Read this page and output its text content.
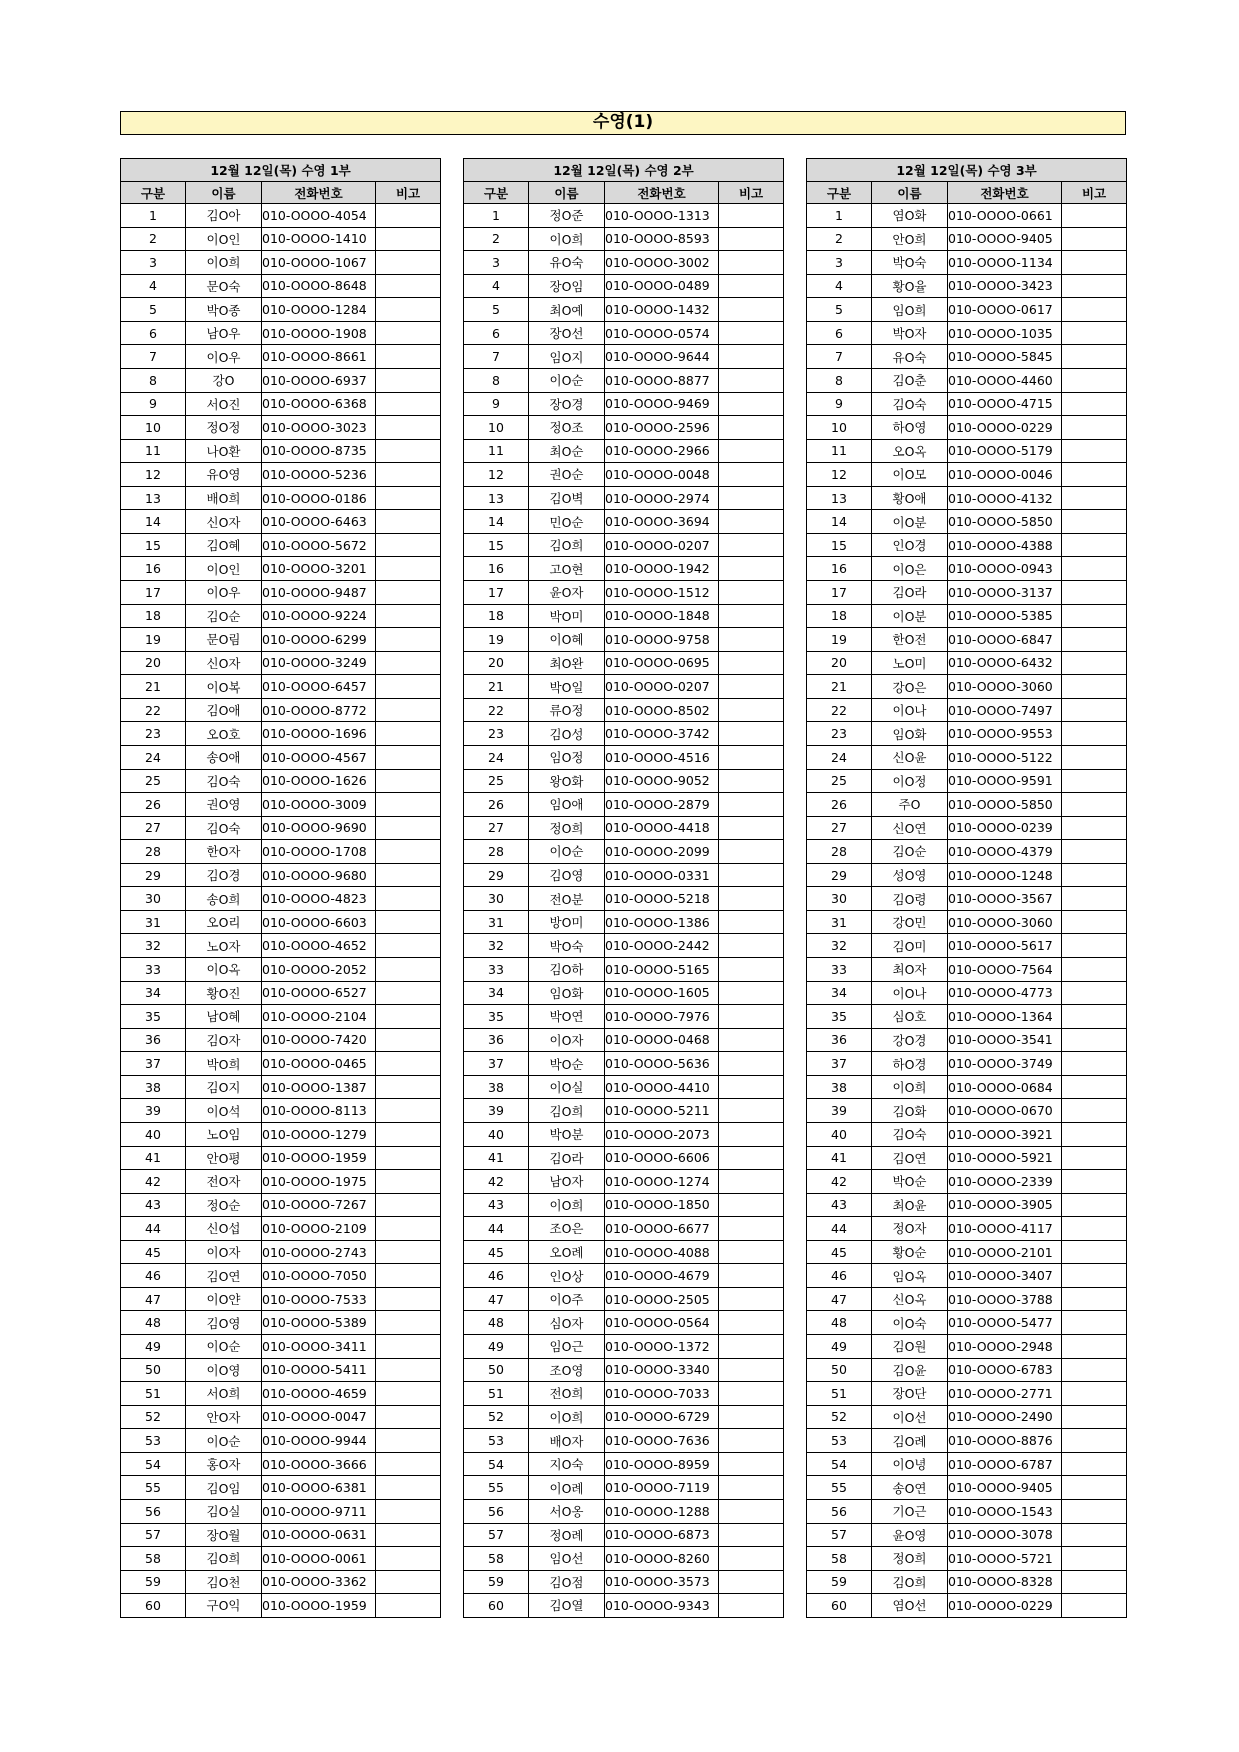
수영(1)
12월 12일(목) 수영 1부			
구분	이름	전화번호	비고
1	김O아	010-OOOO-4054	
2	이O인	010-OOOO-1410	
3	이O희	010-OOOO-1067	
4	문O숙	010-OOOO-8648	
5	박O종	010-OOOO-1284	
6	남O우	010-OOOO-1908	
7	이O우	010-OOOO-8661	
8	강O	010-OOOO-6937	
9	서O진	010-OOOO-6368	
10	정O정	010-OOOO-3023	
11	나O환	010-OOOO-8735	
12	유O영	010-OOOO-5236	
13	배O희	010-OOOO-0186	
14	신O자	010-OOOO-6463	
15	김O혜	010-OOOO-5672	
16	이O인	010-OOOO-3201	
17	이O우	010-OOOO-9487	
18	김O순	010-OOOO-9224	
19	문O림	010-OOOO-6299	
20	신O자	010-OOOO-3249	
21	이O복	010-OOOO-6457	
22	김O애	010-OOOO-8772	
23	오O호	010-OOOO-1696	
24	송O애	010-OOOO-4567	
25	김O숙	010-OOOO-1626	
26	권O영	010-OOOO-3009	
27	김O숙	010-OOOO-9690	
28	한O자	010-OOOO-1708	
29	김O경	010-OOOO-9680	
30	송O희	010-OOOO-4823	
31	오O리	010-OOOO-6603	
32	노O자	010-OOOO-4652	
33	이O옥	010-OOOO-2052	
34	황O진	010-OOOO-6527	
35	남O혜	010-OOOO-2104	
36	김O자	010-OOOO-7420	
37	박O희	010-OOOO-0465	
38	김O지	010-OOOO-1387	
39	이O석	010-OOOO-8113	
40	노O임	010-OOOO-1279	
41	안O평	010-OOOO-1959	
42	전O자	010-OOOO-1975	
43	정O순	010-OOOO-7267	
44	신O섭	010-OOOO-2109	
45	이O자	010-OOOO-2743	
46	김O연	010-OOOO-7050	
47	이O얀	010-OOOO-7533	
48	김O영	010-OOOO-5389	
49	이O순	010-OOOO-3411	
50	이O영	010-OOOO-5411	
51	서O희	010-OOOO-4659	
52	안O자	010-OOOO-0047	
53	이O순	010-OOOO-9944	
54	홍O자	010-OOOO-3666	
55	김O임	010-OOOO-6381	
56	김O실	010-OOOO-9711	
57	장O월	010-OOOO-0631	
58	김O희	010-OOOO-0061	
59	김O천	010-OOOO-3362	
60	구O익	010-OOOO-1959	
12월 12일(목) 수영 2부			
구분	이름	전화번호	비고
1	정O준	010-OOOO-1313	
2	이O희	010-OOOO-8593	
3	유O숙	010-OOOO-3002	
4	장O임	010-OOOO-0489	
5	최O예	010-OOOO-1432	
6	장O선	010-OOOO-0574	
7	임O지	010-OOOO-9644	
8	이O순	010-OOOO-8877	
9	장O경	010-OOOO-9469	
10	정O조	010-OOOO-2596	
11	최O순	010-OOOO-2966	
12	권O순	010-OOOO-0048	
13	김O벽	010-OOOO-2974	
14	민O순	010-OOOO-3694	
15	김O희	010-OOOO-0207	
16	고O현	010-OOOO-1942	
17	윤O자	010-OOOO-1512	
18	박O미	010-OOOO-1848	
19	이O혜	010-OOOO-9758	
20	최O완	010-OOOO-0695	
21	박O일	010-OOOO-0207	
22	류O정	010-OOOO-8502	
23	김O성	010-OOOO-3742	
24	임O정	010-OOOO-4516	
25	왕O화	010-OOOO-9052	
26	임O애	010-OOOO-2879	
27	정O희	010-OOOO-4418	
28	이O순	010-OOOO-2099	
29	김O영	010-OOOO-0331	
30	전O분	010-OOOO-5218	
31	방O미	010-OOOO-1386	
32	박O숙	010-OOOO-2442	
33	김O하	010-OOOO-5165	
34	임O화	010-OOOO-1605	
35	박O연	010-OOOO-7976	
36	이O자	010-OOOO-0468	
37	박O순	010-OOOO-5636	
38	이O실	010-OOOO-4410	
39	김O희	010-OOOO-5211	
40	박O분	010-OOOO-2073	
41	김O라	010-OOOO-6606	
42	남O자	010-OOOO-1274	
43	이O희	010-OOOO-1850	
44	조O은	010-OOOO-6677	
45	오O례	010-OOOO-4088	
46	인O상	010-OOOO-4679	
47	이O주	010-OOOO-2505	
48	심O자	010-OOOO-0564	
49	임O근	010-OOOO-1372	
50	조O영	010-OOOO-3340	
51	전O희	010-OOOO-7033	
52	이O희	010-OOOO-6729	
53	배O자	010-OOOO-7636	
54	지O숙	010-OOOO-8959	
55	이O례	010-OOOO-7119	
56	서O옹	010-OOOO-1288	
57	정O례	010-OOOO-6873	
58	임O선	010-OOOO-8260	
59	김O점	010-OOOO-3573	
60	김O열	010-OOOO-9343	
12월 12일(목) 수영 3부			
구분	이름	전화번호	비고
1	염O화	010-OOOO-0661	
2	안O희	010-OOOO-9405	
3	박O숙	010-OOOO-1134	
4	황O율	010-OOOO-3423	
5	임O희	010-OOOO-0617	
6	박O자	010-OOOO-1035	
7	유O숙	010-OOOO-5845	
8	김O춘	010-OOOO-4460	
9	김O숙	010-OOOO-4715	
10	하O영	010-OOOO-0229	
11	오O옥	010-OOOO-5179	
12	이O모	010-OOOO-0046	
13	황O애	010-OOOO-4132	
14	이O분	010-OOOO-5850	
15	인O경	010-OOOO-4388	
16	이O은	010-OOOO-0943	
17	김O라	010-OOOO-3137	
18	이O분	010-OOOO-5385	
19	한O전	010-OOOO-6847	
20	노O미	010-OOOO-6432	
21	강O은	010-OOOO-3060	
22	이O나	010-OOOO-7497	
23	임O화	010-OOOO-9553	
24	신O윤	010-OOOO-5122	
25	이O정	010-OOOO-9591	
26	주O	010-OOOO-5850	
27	신O연	010-OOOO-0239	
28	김O순	010-OOOO-4379	
29	성O영	010-OOOO-1248	
30	김O령	010-OOOO-3567	
31	강O민	010-OOOO-3060	
32	김O미	010-OOOO-5617	
33	최O자	010-OOOO-7564	
34	이O나	010-OOOO-4773	
35	심O호	010-OOOO-1364	
36	강O경	010-OOOO-3541	
37	하O경	010-OOOO-3749	
38	이O희	010-OOOO-0684	
39	김O화	010-OOOO-0670	
40	김O숙	010-OOOO-3921	
41	김O연	010-OOOO-5921	
42	박O순	010-OOOO-2339	
43	최O윤	010-OOOO-3905	
44	정O자	010-OOOO-4117	
45	황O순	010-OOOO-2101	
46	임O옥	010-OOOO-3407	
47	신O옥	010-OOOO-3788	
48	이O숙	010-OOOO-5477	
49	김O원	010-OOOO-2948	
50	김O윤	010-OOOO-6783	
51	장O단	010-OOOO-2771	
52	이O선	010-OOOO-2490	
53	김O례	010-OOOO-8876	
54	이O녕	010-OOOO-6787	
55	송O연	010-OOOO-9405	
56	기O근	010-OOOO-1543	
57	윤O영	010-OOOO-3078	
58	정O희	010-OOOO-5721	
59	김O희	010-OOOO-8328	
60	염O선	010-OOOO-0229	
